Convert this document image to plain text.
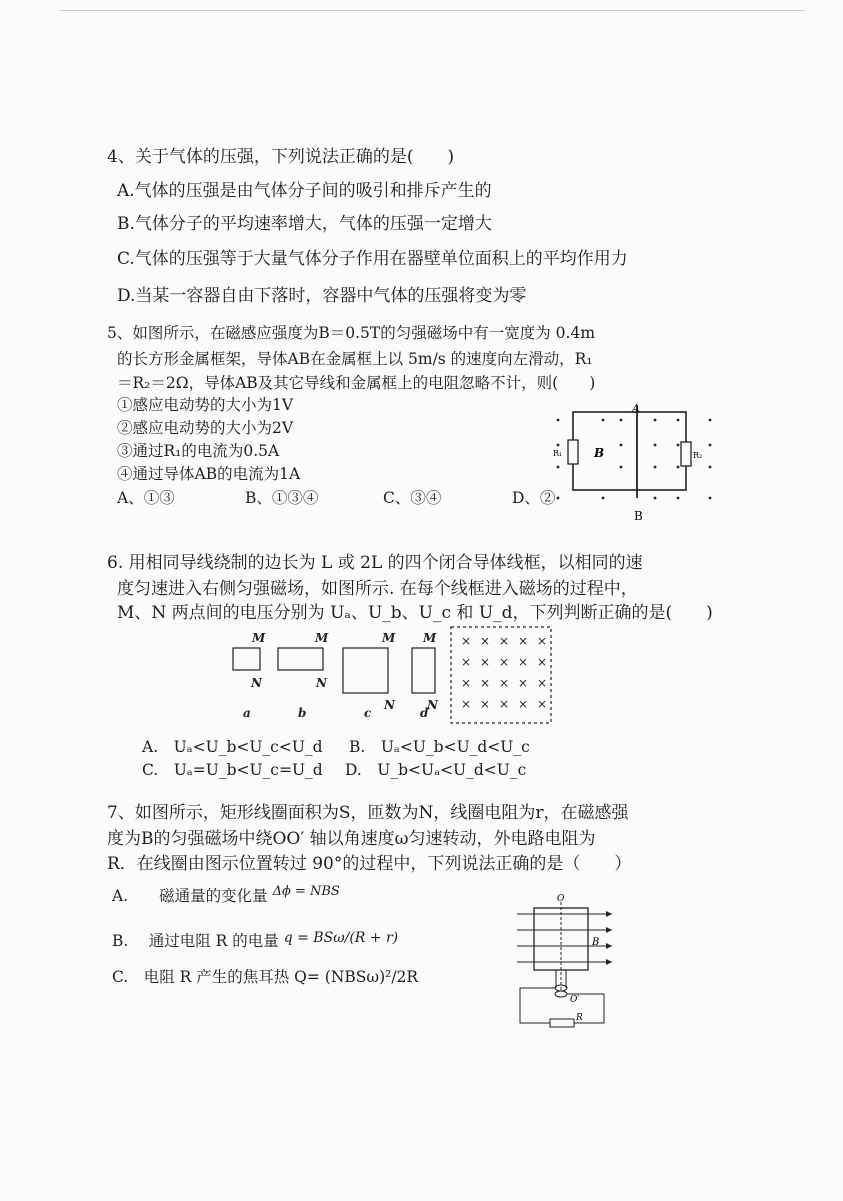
4、关于气体的压强，下列说法正确的是(　　)
A.气体的压强是由气体分子间的吸引和排斥产生的
B.气体分子的平均速率增大，气体的压强一定增大
C.气体的压强等于大量气体分子作用在器壁单位面积上的平均作用力
D.当某一容器自由下落时，容器中气体的压强将变为零
5、如图所示，在磁感应强度为B＝0.5T的匀强磁场中有一宽度为 0.4m
的长方形金属框架，导体AB在金属框上以 5m/s 的速度向左滑动，R₁
＝R₂＝2Ω，导体AB及其它导线和金属框上的电阻忽略不计，则(　　)
①感应电动势的大小为1V
②感应电动势的大小为2V
③通过R₁的电流为0.5A
④通过导体AB的电流为1A
A、①③	B、①③④	C、③④	D、②
A
B
B
R₁	R₂
6. 用相同导线绕制的边长为 L 或 2L 的四个闭合导体线框，以相同的速
度匀速进入右侧匀强磁场，如图所示. 在每个线框进入磁场的过程中，
M、N 两点间的电压分别为 Uₐ、U_b、U_c 和 U_d，下列判断正确的是(　　)
× × × × ×
× × × × ×
× × × × ×
× × × × ×
M	M	M M
N	N
N	N
a	b	c	d
A.　Uₐ<U_b<U_c<U_d B.　Uₐ<U_b<U_d<U_c
C.　Uₐ=U_b<U_c=U_d D.　U_b<Uₐ<U_d<U_c
7、如图所示，矩形线圈面积为S，匝数为N，线圈电阻为r，在磁感强
度为B的匀强磁场中绕OO′ 轴以角速度ω匀速转动，外电路电阻为
R．在线圈由图示位置转过 90°的过程中，下列说法正确的是（　　）
A.　　磁通量的变化量 $^{\Delta\phi = NBS}$
B.　 通过电阻 R 的电量 q = BSω/(R + r)
C.　电阻 R 产生的焦耳热 Q= (NBSω)²/2R
O
B
O′
R
